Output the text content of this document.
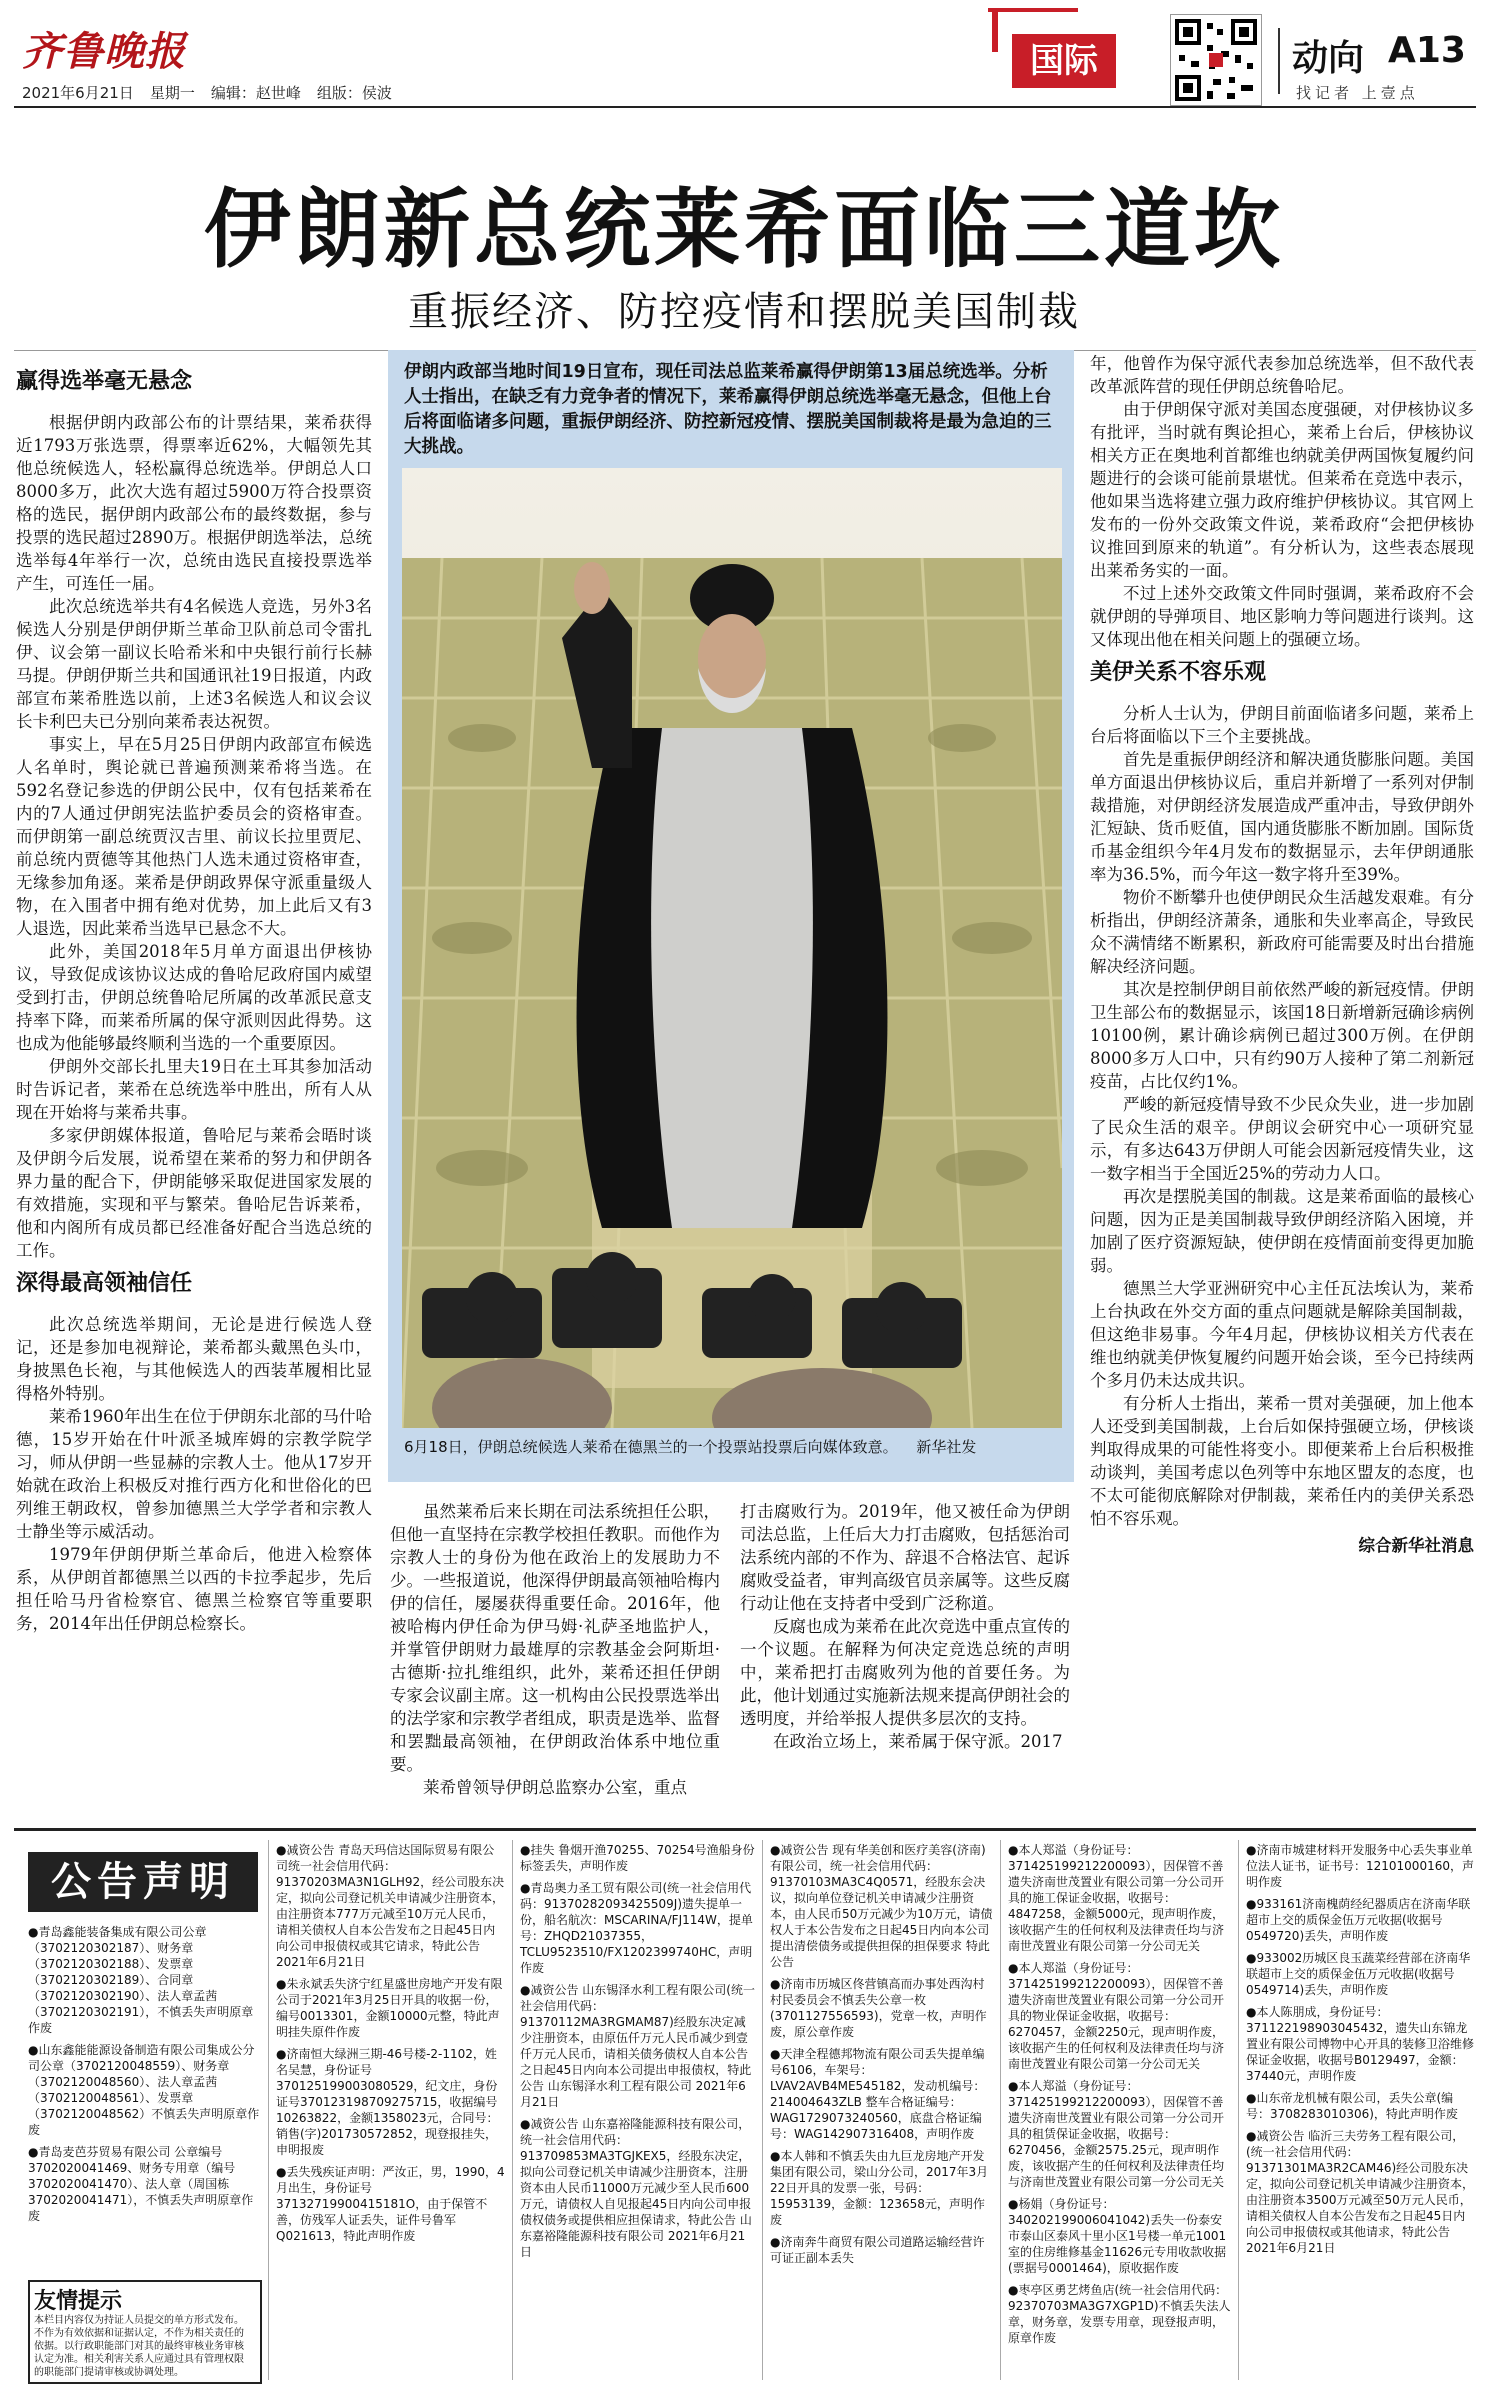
齐鲁晚报
2021年6月21日 星期一 编辑：赵世峰 组版：侯波
国际	动向 A13
找记者 上壹点
伊朗新总统莱希面临三道坎
重振经济、防控疫情和摆脱美国制裁
赢得选举毫无悬念

根据伊朗内政部公布的计票结果，莱希获得近1793万张选票，得票率近62%，大幅领先其他总统候选人，轻松赢得总统选举。伊朗总人口8000多万，此次大选有超过5900万符合投票资格的选民，据伊朗内政部公布的最终数据，参与投票的选民超过2890万。根据伊朗选举法，总统选举每4年举行一次，总统由选民直接投票选举产生，可连任一届。

此次总统选举共有4名候选人竞选，另外3名候选人分别是伊朗伊斯兰革命卫队前总司令雷扎伊、议会第一副议长哈希米和中央银行前行长赫马提。伊朗伊斯兰共和国通讯社19日报道，内政部宣布莱希胜选以前，上述3名候选人和议会议长卡利巴夫已分别向莱希表达祝贺。

事实上，早在5月25日伊朗内政部宣布候选人名单时，舆论就已普遍预测莱希将当选。在592名登记参选的伊朗公民中，仅有包括莱希在内的7人通过伊朗宪法监护委员会的资格审查。而伊朗第一副总统贾汉吉里、前议长拉里贾尼、前总统内贾德等其他热门人选未通过资格审查，无缘参加角逐。莱希是伊朗政界保守派重量级人物，在入围者中拥有绝对优势，加上此后又有3人退选，因此莱希当选早已悬念不大。

此外，美国2018年5月单方面退出伊核协议，导致促成该协议达成的鲁哈尼政府国内威望受到打击，伊朗总统鲁哈尼所属的改革派民意支持率下降，而莱希所属的保守派则因此得势。这也成为他能够最终顺利当选的一个重要原因。

伊朗外交部长扎里夫19日在土耳其参加活动时告诉记者，莱希在总统选举中胜出，所有人从现在开始将与莱希共事。

多家伊朗媒体报道，鲁哈尼与莱希会晤时谈及伊朗今后发展，说希望在莱希的努力和伊朗各界力量的配合下，伊朗能够采取促进国家发展的有效措施，实现和平与繁荣。鲁哈尼告诉莱希，他和内阁所有成员都已经准备好配合当选总统的工作。

深得最高领袖信任

此次总统选举期间，无论是进行候选人登记，还是参加电视辩论，莱希都头戴黑色头巾，身披黑色长袍，与其他候选人的西装革履相比显得格外特别。

莱希1960年出生在位于伊朗东北部的马什哈德，15岁开始在什叶派圣城库姆的宗教学院学习，师从伊朗一些显赫的宗教人士。他从17岁开始就在政治上积极反对推行西方化和世俗化的巴列维王朝政权，曾参加德黑兰大学学者和宗教人士静坐等示威活动。

1979年伊朗伊斯兰革命后，他进入检察体系，从伊朗首都德黑兰以西的卡拉季起步，先后担任哈马丹省检察官、德黑兰检察官等重要职务，2014年出任伊朗总检察长。

伊朗内政部当地时间19日宣布，现任司法总监莱希赢得伊朗第13届总统选举。分析人士指出，在缺乏有力竞争者的情况下，莱希赢得伊朗总统选举毫无悬念，但他上台后将面临诸多问题，重振伊朗经济、防控新冠疫情、摆脱美国制裁将是最为急迫的三大挑战。
6月18日，伊朗总统候选人莱希在德黑兰的一个投票站投票后向媒体致意。 新华社发

虽然莱希后来长期在司法系统担任公职，但他一直坚持在宗教学校担任教职。而他作为宗教人士的身份为他在政治上的发展助力不少。一些报道说，他深得伊朗最高领袖哈梅内伊的信任，屡屡获得重要任命。2016年，他被哈梅内伊任命为伊马姆·礼萨圣地监护人，并掌管伊朗财力最雄厚的宗教基金会阿斯坦·古德斯·拉扎维组织，此外，莱希还担任伊朗专家会议副主席。这一机构由公民投票选举出的法学家和宗教学者组成，职责是选举、监督和罢黜最高领袖，在伊朗政治体系中地位重要。

莱希曾领导伊朗总监察办公室，重点

打击腐败行为。2019年，他又被任命为伊朗司法总监，上任后大力打击腐败，包括惩治司法系统内部的不作为、辞退不合格法官、起诉腐败受益者，审判高级官员亲属等。这些反腐行动让他在支持者中受到广泛称道。

反腐也成为莱希在此次竞选中重点宣传的一个议题。在解释为何决定竞选总统的声明中，莱希把打击腐败列为他的首要任务。为此，他计划通过实施新法规来提高伊朗社会的透明度，并给举报人提供多层次的支持。

在政治立场上，莱希属于保守派。2017

年，他曾作为保守派代表参加总统选举，但不敌代表改革派阵营的现任伊朗总统鲁哈尼。

由于伊朗保守派对美国态度强硬，对伊核协议多有批评，当时就有舆论担心，莱希上台后，伊核协议相关方正在奥地利首都维也纳就美伊两国恢复履约问题进行的会谈可能前景堪忧。但莱希在竞选中表示，他如果当选将建立强力政府维护伊核协议。其官网上发布的一份外交政策文件说，莱希政府“会把伊核协议推回到原来的轨道”。有分析认为，这些表态展现出莱希务实的一面。

不过上述外交政策文件同时强调，莱希政府不会就伊朗的导弹项目、地区影响力等问题进行谈判。这又体现出他在相关问题上的强硬立场。

美伊关系不容乐观

分析人士认为，伊朗目前面临诸多问题，莱希上台后将面临以下三个主要挑战。

首先是重振伊朗经济和解决通货膨胀问题。美国单方面退出伊核协议后，重启并新增了一系列对伊制裁措施，对伊朗经济发展造成严重冲击，导致伊朗外汇短缺、货币贬值，国内通货膨胀不断加剧。国际货币基金组织今年4月发布的数据显示，去年伊朗通胀率为36.5%，而今年这一数字将升至39%。

物价不断攀升也使伊朗民众生活越发艰难。有分析指出，伊朗经济萧条，通胀和失业率高企，导致民众不满情绪不断累积，新政府可能需要及时出台措施解决经济问题。

其次是控制伊朗目前依然严峻的新冠疫情。伊朗卫生部公布的数据显示，该国18日新增新冠确诊病例10100例，累计确诊病例已超过300万例。在伊朗8000多万人口中，只有约90万人接种了第二剂新冠疫苗，占比仅约1%。

严峻的新冠疫情导致不少民众失业，进一步加剧了民众生活的艰辛。伊朗议会研究中心一项研究显示，有多达643万伊朗人可能会因新冠疫情失业，这一数字相当于全国近25%的劳动力人口。

再次是摆脱美国的制裁。这是莱希面临的最核心问题，因为正是美国制裁导致伊朗经济陷入困境，并加剧了医疗资源短缺，使伊朗在疫情面前变得更加脆弱。

德黑兰大学亚洲研究中心主任瓦法埃认为，莱希上台执政在外交方面的重点问题就是解除美国制裁，但这绝非易事。今年4月起，伊核协议相关方代表在维也纳就美伊恢复履约问题开始会谈，至今已持续两个多月仍未达成共识。

有分析人士指出，莱希一贯对美强硬，加上他本人还受到美国制裁，上台后如保持强硬立场，伊核谈判取得成果的可能性将变小。即便莱希上台后积极推动谈判，美国考虑以色列等中东地区盟友的态度，也不太可能彻底解除对伊制裁，莱希任内的美伊关系恐怕不容乐观。

综合新华社消息
公告声明

●青岛鑫能装备集成有限公司公章（3702120302187）、财务章（3702120302188）、发票章（3702120302189）、合同章（3702120302190）、法人章孟茜（3702120302191），不慎丢失声明原章作废

●山东鑫能能源设备制造有限公司集成公分司公章（3702120048559）、财务章（3702120048560）、法人章孟茜（3702120048561）、发票章（3702120048562）不慎丢失声明原章作废

●青岛麦芭芬贸易有限公司 公章编号 3702020041469、财务专用章（编号 3702020041470）、法人章（周国栋 3702020041471），不慎丢失声明原章作废

友情提示
本栏目内容仅为持证人员提交的单方形式发布。不作为有效依据和证据认定，不作为相关责任的依据。以行政职能部门对其的最终审核业务审核认定为准。相关利害关系人应通过具有管理权限的职能部门提请审核或协调处理。

●减资公告 青岛天玛信达国际贸易有限公司统一社会信用代码：91370203MA3N1GLH92，经公司股东决定，拟向公司登记机关申请减少注册资本，由注册资本777万元减至10万元人民币，请相关债权人自本公告发布之日起45日内向公司申报债权或其它请求，特此公告 2021年6月21日

●朱永斌丢失济宁红星盛世房地产开发有限公司于2021年3月25日开具的收据一份，编号0013301，金额10000元整，特此声明挂失原件作废

●济南恒大绿洲三期-46号楼-2-1102，姓名吴慧，身份证号370125199003080529，纪文庄，身份证号370123198709275715，收据编号10263822，金额1358023元，合同号：销售(字)201730572852，现登报挂失，申明报废

●丢失残疾证声明：严汝正，男，1990，4月出生，身份证号37132719900415181O，由于保管不善，仿残军人证丢失，证件号鲁军Q021613，特此声明作废

●挂失 鲁烟开渔70255、70254号渔船身份标签丢失，声明作废

●青岛奥力圣工贸有限公司(统一社会信用代码：91370282093425509J)遗失提单一份，船名航次：MSCARINA/FJ114W，提单号：ZHQD21037355，TCLU9523510/FX1202399740HC，声明作废

●减资公告 山东锡泽水利工程有限公司(统一社会信用代码：91370112MA3RGMAM87)经股东决定减少注册资本，由原伍仟万元人民币减少到壹仟万元人民币，请相关债务债权人自本公告之日起45日内向本公司提出申报债权，特此公告 山东锡泽水利工程有限公司 2021年6月21日

●减资公告 山东嘉裕隆能源科技有限公司，统一社会信用代码：913709853MA3TGJKEX5，经股东决定，拟向公司登记机关申请减少注册资本，注册资本由人民币11000万元减少至人民币600万元，请债权人自见报起45日内向公司申报债权债务或提供相应担保请求，特此公告 山东嘉裕隆能源科技有限公司 2021年6月21日

●减资公告 现有华美创和医疗美容(济南)有限公司，统一社会信用代码：91370103MA3C4Q0571，经股东会决议，拟向单位登记机关申请减少注册资本，由人民币50万元减少为10万元，请债权人于本公告发布之日起45日内向本公司提出清偿债务或提供担保的担保要求 特此公告

●济南市历城区佟营镇高而办事处西沟村村民委员会不慎丢失公章一枚(3701127556593)，党章一枚，声明作废，原公章作废

●天津全程德邦物流有限公司丢失提单编号6106，车架号：LVAV2AVB4ME545182，发动机编号：214004643ZLB 整车合格证编号：WAG1729073240560，底盘合格证编号：WAG142907316408，声明作废

●本人韩和不慎丢失由九巨龙房地产开发集团有限公司，梁山分公司，2017年3月22日开具的发票一张，号码：15953139，金额：123658元，声明作废

●济南奔牛商贸有限公司道路运输经营许可证正副本丢失

●本人郑溢（身份证号：371425199212200093），因保管不善遗失济南世茂置业有限公司第一分公司开具的施工保证金收据，收据号：4847258，金额5000元，现声明作废，该收据产生的任何权利及法律责任均与济南世茂置业有限公司第一分公司无关

●本人郑溢（身份证号：371425199212200093），因保管不善遗失济南世茂置业有限公司第一分公司开具的物业保证金收据，收据号：6270457，金额2250元，现声明作废，该收据产生的任何权利及法律责任均与济南世茂置业有限公司第一分公司无关

●本人郑溢（身份证号：371425199212200093），因保管不善遗失济南世茂置业有限公司第一分公司开具的租赁保证金收据，收据号：6270456，金额2575.25元，现声明作废，该收据产生的任何权利及法律责任均与济南世茂置业有限公司第一分公司无关

●杨娟（身份证号：340202199006041042)丢失一份泰安市泰山区泰风十里小区1号楼一单元1001室的住房维修基金11626元专用收款收据(票据号0001464)，原收据作废

●枣亭区勇艺烤鱼店(统一社会信用代码：92370703MA3G7XGP1D)不慎丢失法人章，财务章，发票专用章，现登报声明，原章作废

●济南市城建材料开发服务中心丢失事业单位法人证书，证书号：12101000160，声明作废

●933161济南槐荫经纪器质店在济南华联超市上交的质保金伍万元收据(收据号0549720)丢失，声明作废

●933002历城区良玉蔬菜经营部在济南华联超市上交的质保金伍万元收据(收据号0549714)丢失，声明作废

●本人陈朋成，身份证号：371122198903045432，遗失山东锦龙置业有限公司博物中心开具的装修卫浴维修保证金收据，收据号B0129497，金额：37440元，声明作废

●山东帝龙机械有限公司，丢失公章(编号：3708283010306)，特此声明作废

●减资公告 临沂三夫劳务工程有限公司，(统一社会信用代码：91371301MA3R2CAM46)经公司股东决定，拟向公司登记机关申请减少注册资本，由注册资本3500万元减至50万元人民币，请相关债权人自本公告发布之日起45日内向公司申报债权或其他请求，特此公告 2021年6月21日
